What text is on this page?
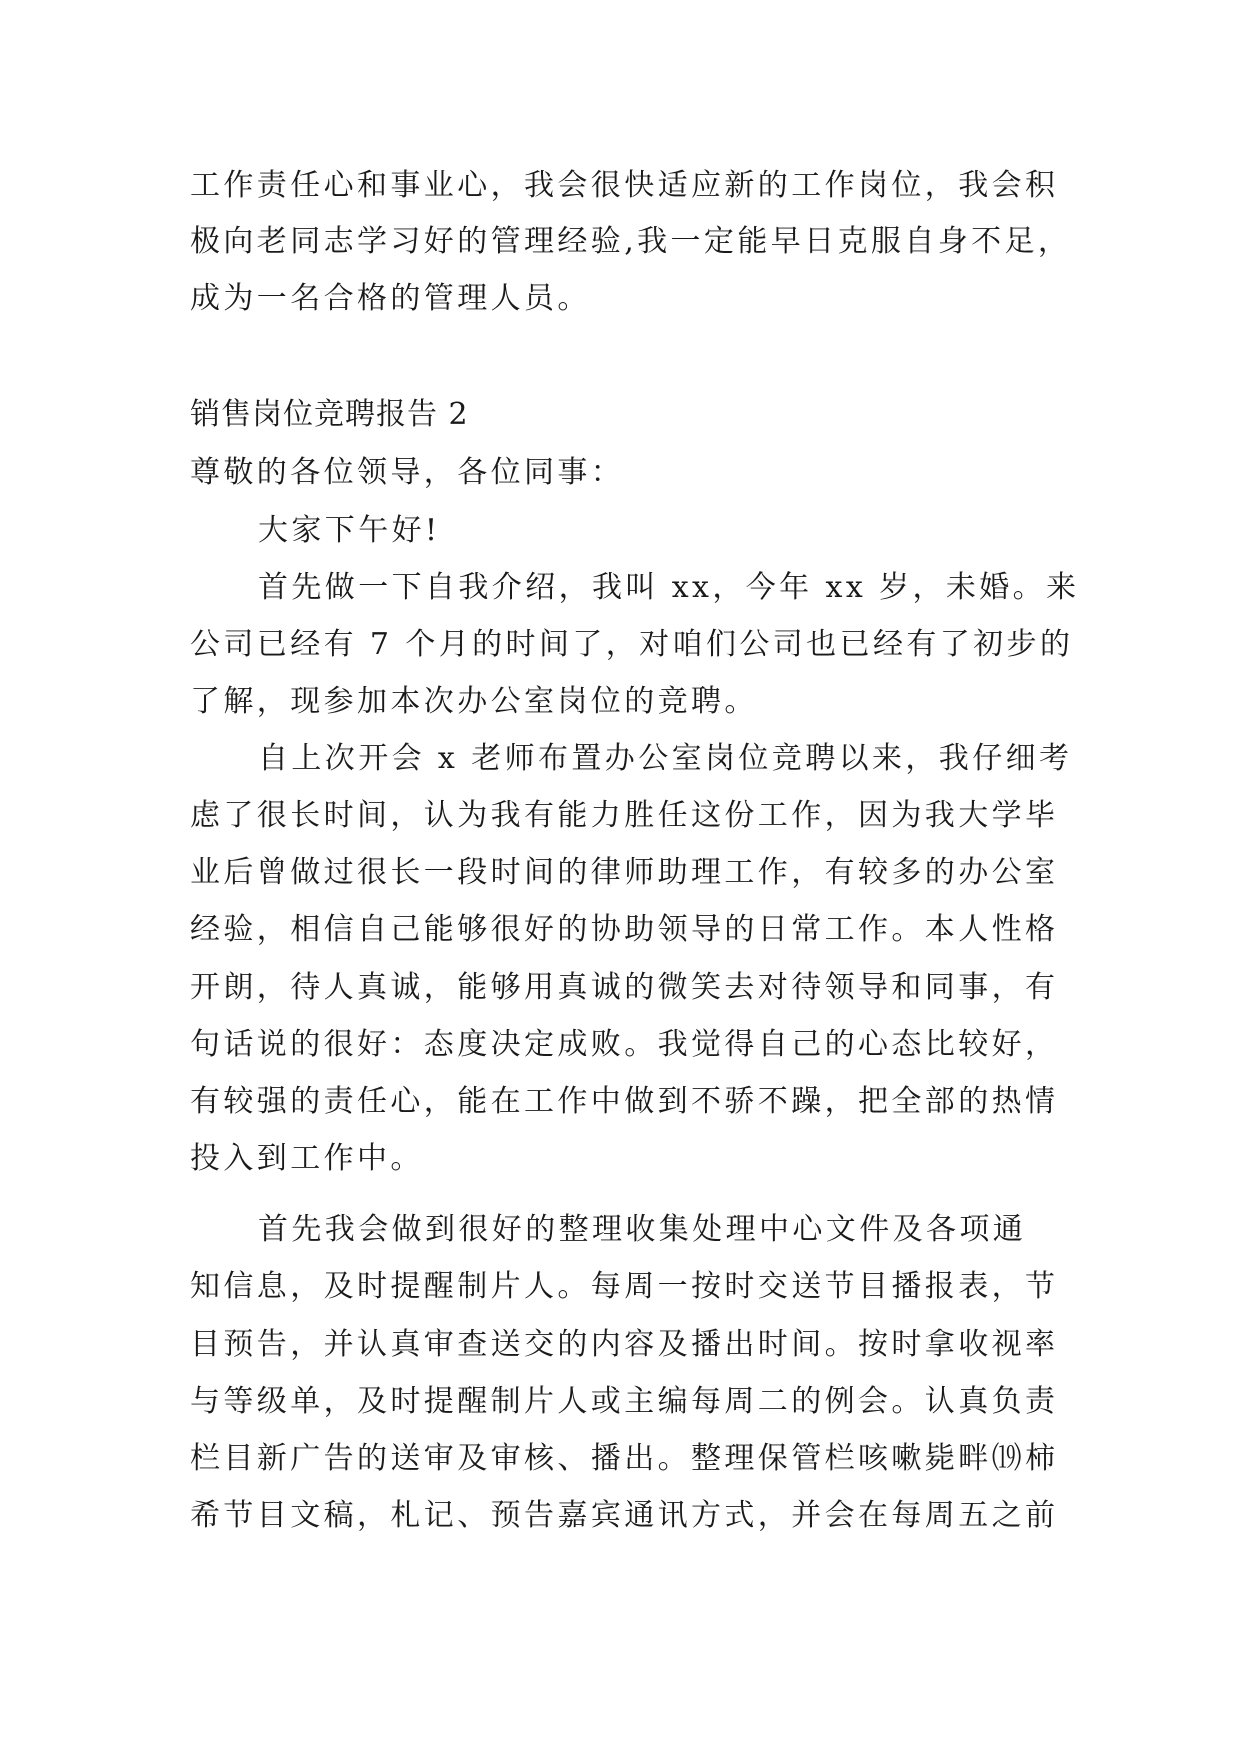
工作责任心和事业心，我会很快适应新的工作岗位，我会积
极向老同志学习好的管理经验,我一定能早日克服自身不足，
成为一名合格的管理人员。
销售岗位竞聘报告 2
尊敬的各位领导，各位同事：
大家下午好!
首先做一下自我介绍，我叫 xx，今年 xx 岁，未婚。来
公司已经有 7 个月的时间了，对咱们公司也已经有了初步的
了解，现参加本次办公室岗位的竞聘。
自上次开会 x 老师布置办公室岗位竞聘以来，我仔细考
虑了很长时间，认为我有能力胜任这份工作，因为我大学毕
业后曾做过很长一段时间的律师助理工作，有较多的办公室
经验，相信自己能够很好的协助领导的日常工作。本人性格
开朗，待人真诚，能够用真诚的微笑去对待领导和同事，有
句话说的很好：态度决定成败。我觉得自己的心态比较好，
有较强的责任心，能在工作中做到不骄不躁，把全部的热情
投入到工作中。
首先我会做到很好的整理收集处理中心文件及各项通
知信息，及时提醒制片人。每周一按时交送节目播报表，节
目预告，并认真审查送交的内容及播出时间。按时拿收视率
与等级单，及时提醒制片人或主编每周二的例会。认真负责
栏目新广告的送审及审核、播出。整理保管栏咳嗽毙畔⒆柿
希节目文稿，札记、预告嘉宾通讯方式，并会在每周五之前
